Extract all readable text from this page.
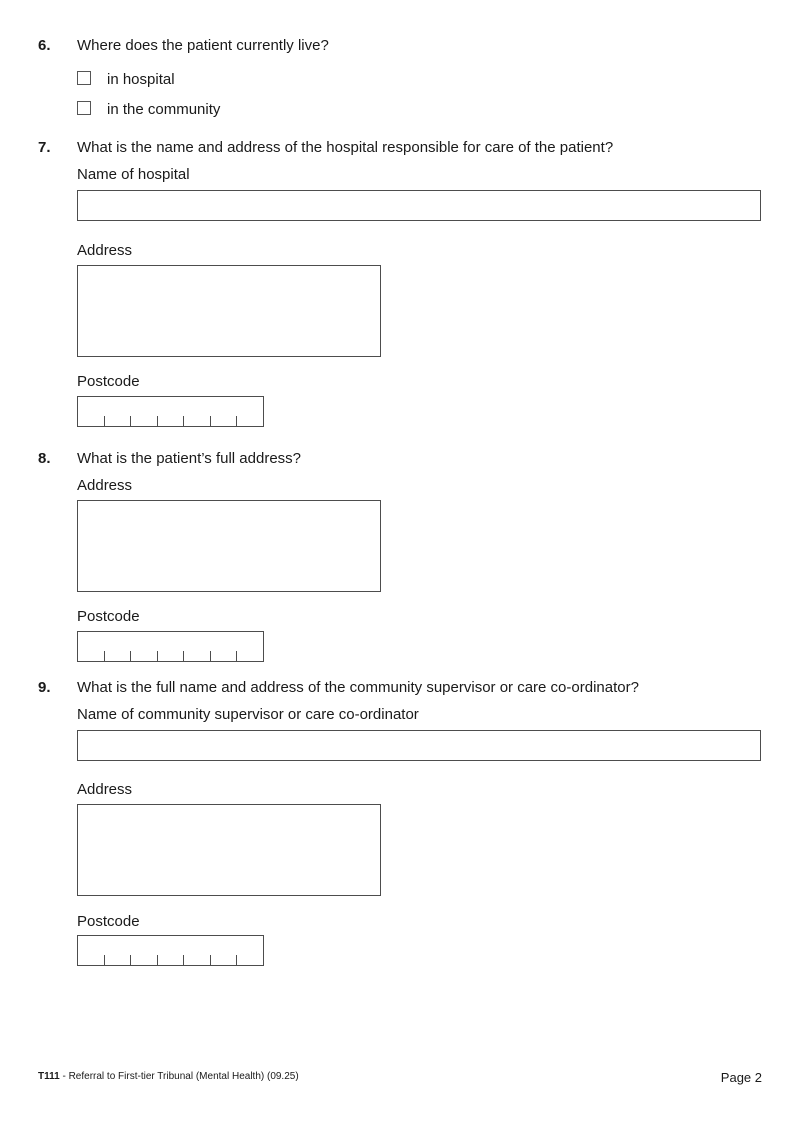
6. Where does the patient currently live?
in hospital
in the community
7. What is the name and address of the hospital responsible for care of the patient?
Name of hospital
Address
Postcode
8. What is the patient’s full address?
Address
Postcode
9. What is the full name and address of the community supervisor or care co-ordinator?
Name of community supervisor or care co-ordinator
Address
Postcode
T111 - Referral to First-tier Tribunal (Mental Health) (09.25)	Page 2
